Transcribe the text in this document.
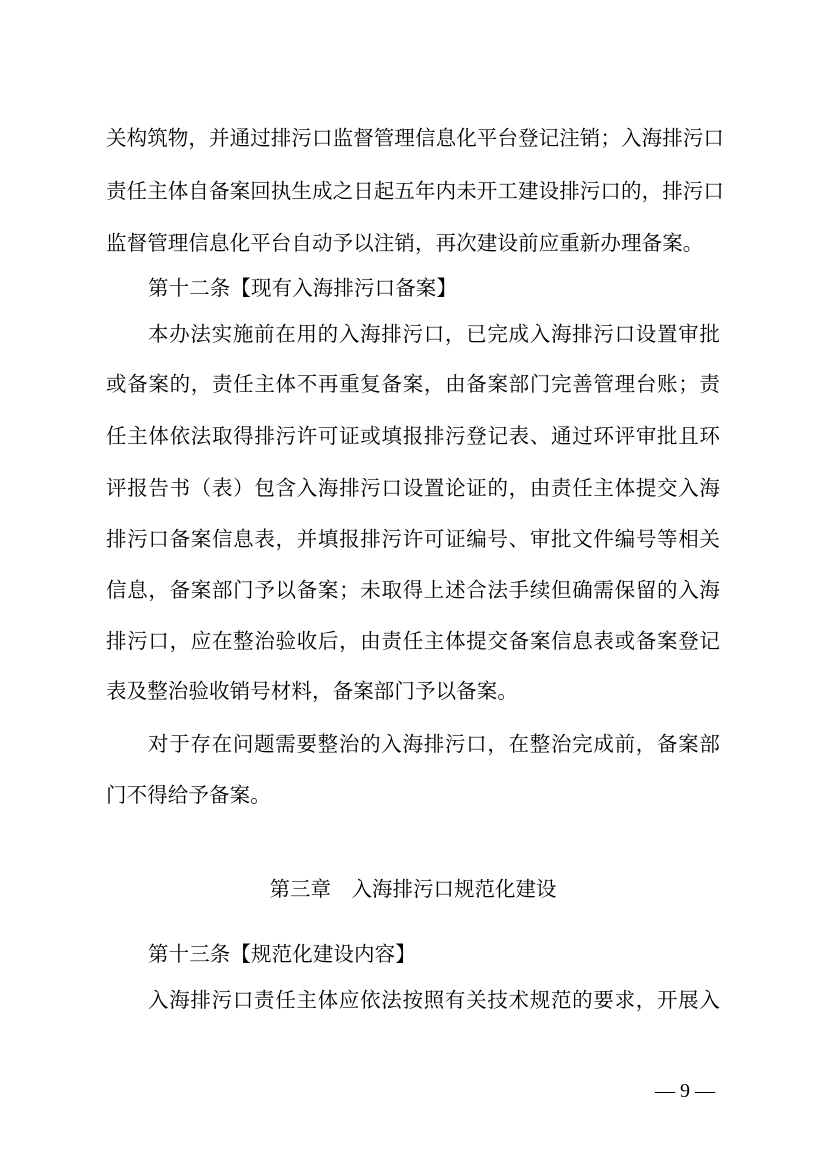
关构筑物，并通过排污口监督管理信息化平台登记注销；入海排污口
责任主体自备案回执生成之日起五年内未开工建设排污口的，排污口
监督管理信息化平台自动予以注销，再次建设前应重新办理备案。
第十二条【现有入海排污口备案】
本办法实施前在用的入海排污口，已完成入海排污口设置审批
或备案的，责任主体不再重复备案，由备案部门完善管理台账；责
任主体依法取得排污许可证或填报排污登记表、通过环评审批且环
评报告书（表）包含入海排污口设置论证的，由责任主体提交入海
排污口备案信息表，并填报排污许可证编号、审批文件编号等相关
信息，备案部门予以备案；未取得上述合法手续但确需保留的入海
排污口，应在整治验收后，由责任主体提交备案信息表或备案登记
表及整治验收销号材料，备案部门予以备案。
对于存在问题需要整治的入海排污口，在整治完成前，备案部
门不得给予备案。
第三章　入海排污口规范化建设
第十三条【规范化建设内容】
入海排污口责任主体应依法按照有关技术规范的要求，开展入
— 9 —
